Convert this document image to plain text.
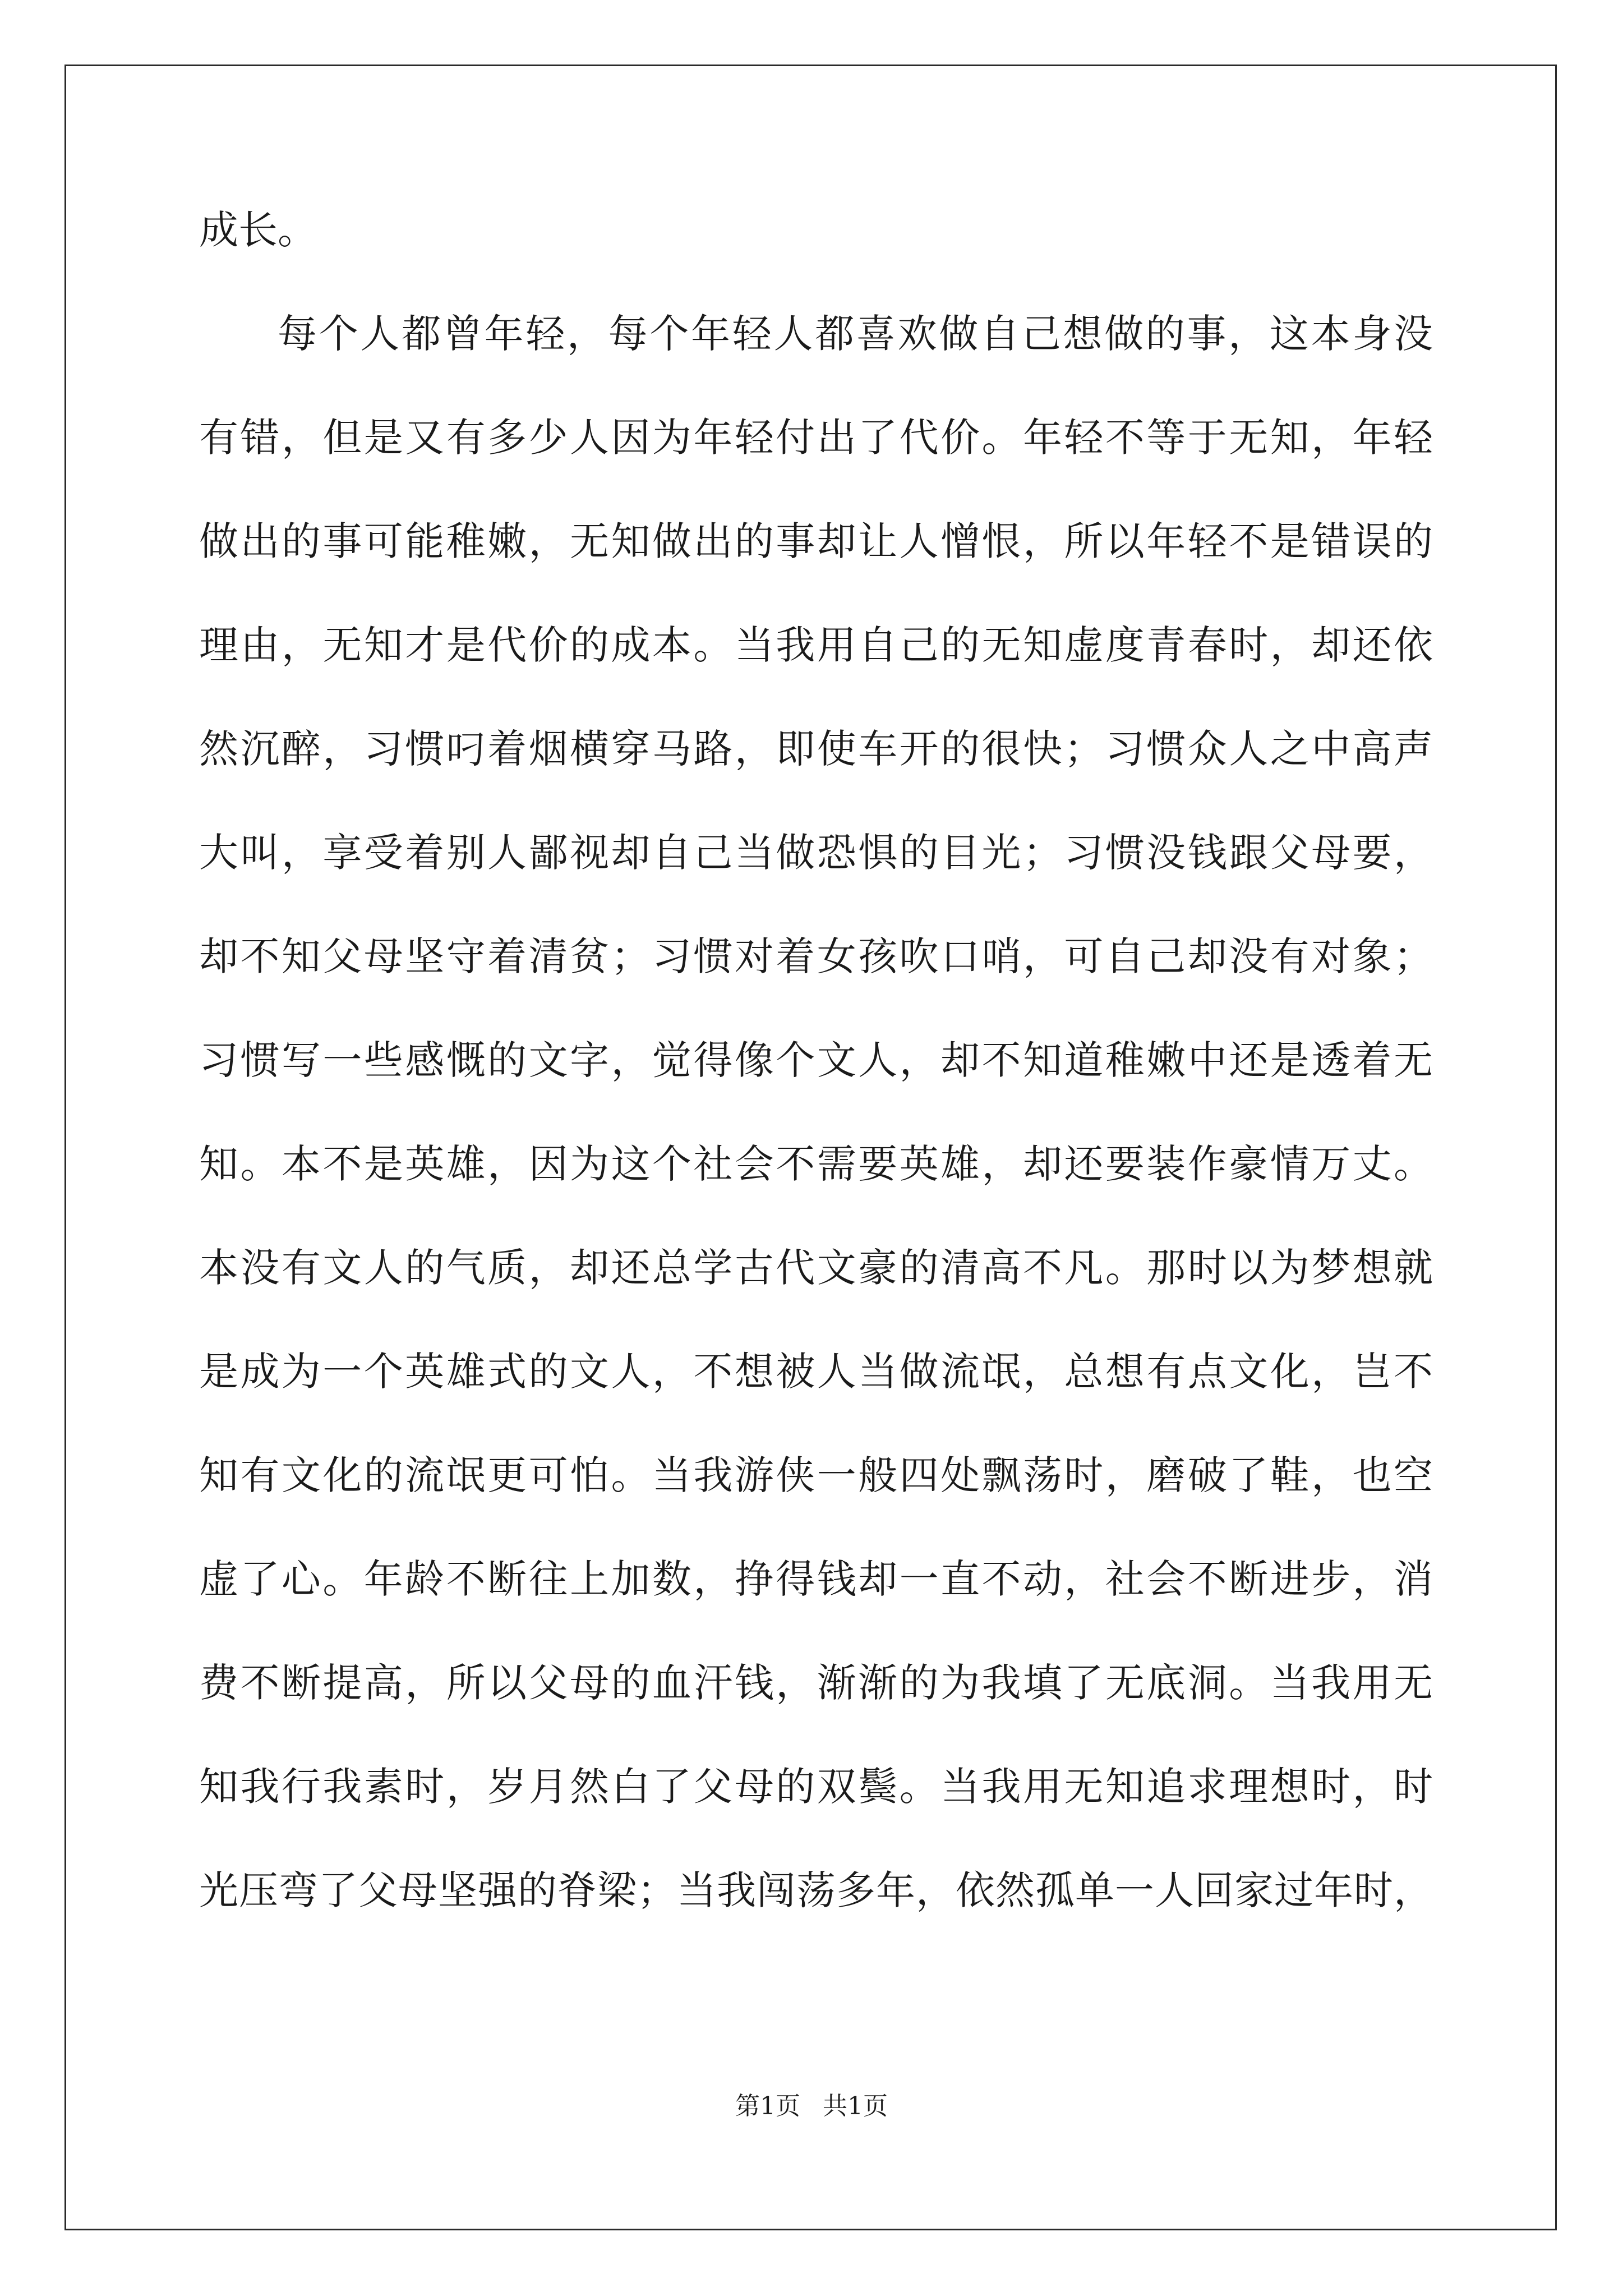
成长。
每个人都曾年轻，每个年轻人都喜欢做自己想做的事，这本身没
有错，但是又有多少人因为年轻付出了代价。年轻不等于无知，年轻
做出的事可能稚嫩，无知做出的事却让人憎恨，所以年轻不是错误的
理由，无知才是代价的成本。当我用自己的无知虚度青春时，却还依
然沉醉，习惯叼着烟横穿马路，即使车开的很快；习惯众人之中高声
大叫，享受着别人鄙视却自己当做恐惧的目光；习惯没钱跟父母要，
却不知父母坚守着清贫；习惯对着女孩吹口哨，可自己却没有对象；
习惯写一些感慨的文字，觉得像个文人，却不知道稚嫩中还是透着无
知。本不是英雄，因为这个社会不需要英雄，却还要装作豪情万丈。
本没有文人的气质，却还总学古代文豪的清高不凡。那时以为梦想就
是成为一个英雄式的文人，不想被人当做流氓，总想有点文化，岂不
知有文化的流氓更可怕。当我游侠一般四处飘荡时，磨破了鞋，也空
虚了心。年龄不断往上加数，挣得钱却一直不动，社会不断进步，消
费不断提高，所以父母的血汗钱，渐渐的为我填了无底洞。当我用无
知我行我素时，岁月然白了父母的双鬓。当我用无知追求理想时，时
光压弯了父母坚强的脊梁；当我闯荡多年，依然孤单一人回家过年时，
第1页 共1页
